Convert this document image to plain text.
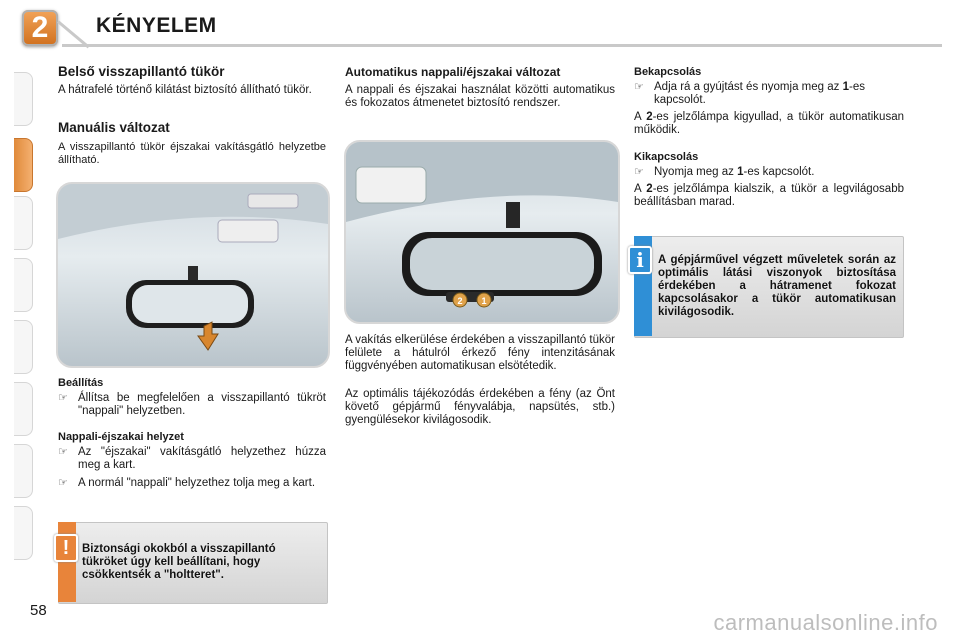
2	KÉNYELEM
58
Belső visszapillantó tükör

A hátrafelé történő kilátást biztosító állítható tükör.

Manuális változat

A visszapillantó tükör éjszakai vakításgátló helyzetbe állítható.

Beállítás
☞ Állítsa be megfelelően a visszapillantó tükröt "nappali" helyzetben.
Nappali-éjszakai helyzet
☞ Az "éjszakai" vakításgátló helyzethez húzza meg a kart.
☞ A normál "nappali" helyzethez tolja meg a kart.
!	Biztonsági okokból a visszapillantó tükröket úgy kell beállítani, hogy csökkentsék a "holtteret".
Automatikus nappali/éjszakai változat

A nappali és éjszakai használat közötti automatikus és fokozatos átmenetet biztosító rendszer.

2 1

A vakítás elkerülése érdekében a visszapillantó tükör felülete a hátulról érkező fény intenzitásának függvényében automatikusan elsötétedik.

Az optimális tájékozódás érdekében a fény (az Önt követő gépjármű fényvalábja, napsütés, stb.) gyengülésekor kivilágosodik.

Bekapcsolás
☞ Adja rá a gyújtást és nyomja meg az 1-es kapcsolót.

A 2-es jelzőlámpa kigyullad, a tükör automatikusan működik.

Kikapcsolás
☞ Nyomja meg az 1-es kapcsolót.

A 2-es jelzőlámpa kialszik, a tükör a legvilágosabb beállításban marad.

i	A gépjárművel végzett műveletek során az optimális látási viszonyok biztosítása érdekében a hátramenet fokozat kapcsolásakor a tükör automatikusan kivilágosodik.
carmanualsonline.info
